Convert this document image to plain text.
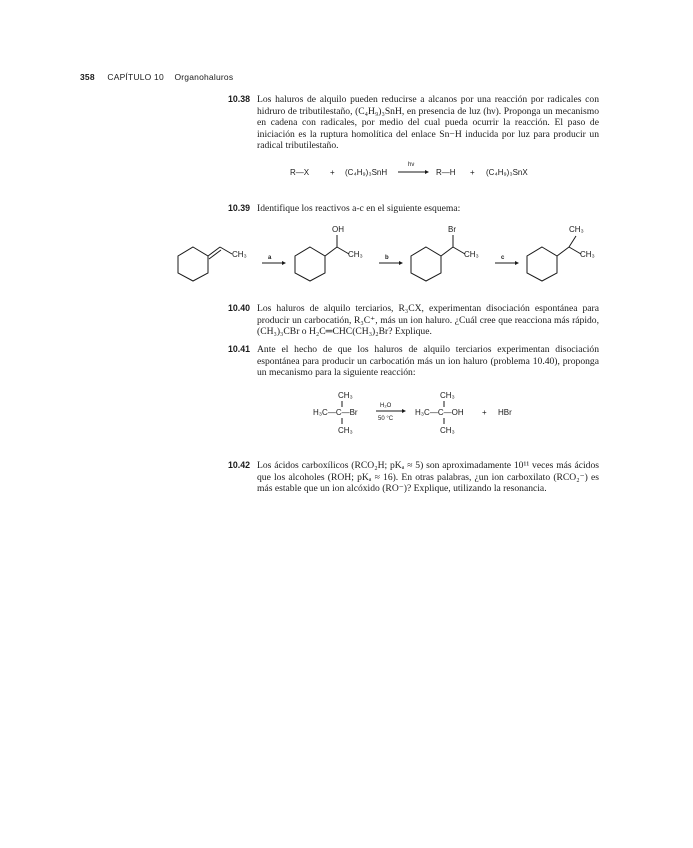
358 CAPÍTULO 10 Organohaluros
10.38 Los haluros de alquilo pueden reducirse a alcanos por una reacción por radicales con hidruro de tributilestaño, (C₄H₉)₃SnH, en presencia de luz (hν). Proponga un mecanismo en cadena con radicales, por medio del cual pueda ocurrir la reacción. El paso de iniciación es la ruptura homolítica del enlace Sn−H inducida por luz para producir un radical tributilestaño.
R—X	+ (C₄H₉)₃SnH
hν
R—H + (C₄H₉)₃SnX
10.39 Identifique los reactivos a-c en el siguiente esquema:
CH₃	a
OH
CH₃	b
Br
CH₃	c
CH₃
CH₃
10.40 Los haluros de alquilo terciarios, R₃CX, experimentan disociación espontánea para producir un carbocatión, R₃C⁺, más un ion haluro. ¿Cuál cree que reacciona más rápido, (CH₃)₃CBr o H₂C═CHC(CH₃)₂Br? Explique.
10.41 Ante el hecho de que los haluros de alquilo terciarios experimentan disociación espontánea para producir un carbocatión más un ion haluro (problema 10.40), proponga un mecanismo para la siguiente reacción:
CH₃
H₃C—C—Br
CH₃
H₂O
50 °C
CH₃
H₃C—C—OH
CH₃
+ HBr
10.42 Los ácidos carboxílicos (RCO₂H; pKₐ ≈ 5) son aproximadamente 10¹¹ veces más ácidos que los alcoholes (ROH; pKₐ ≈ 16). En otras palabras, ¿un ion carboxilato (RCO₂⁻) es más estable que un ion alcóxido (RO⁻)? Explique, utilizando la resonancia.
